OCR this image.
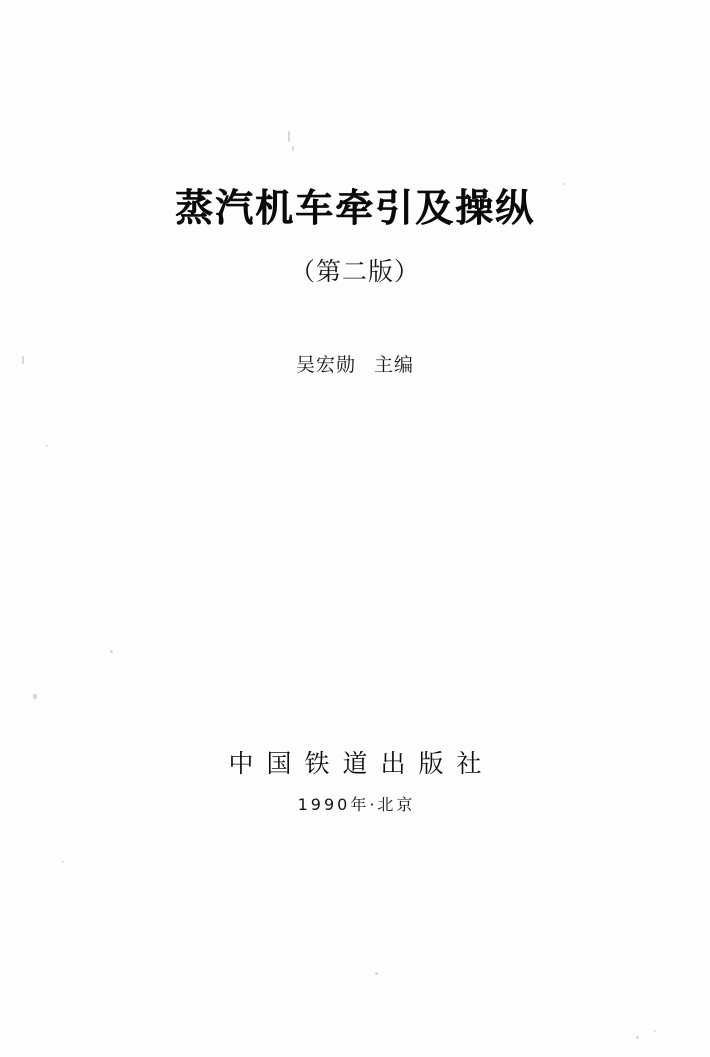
蒸汽机车牵引及操纵
（第二版）
吴宏勋 主编
中国铁道出版社
1990年·北京
